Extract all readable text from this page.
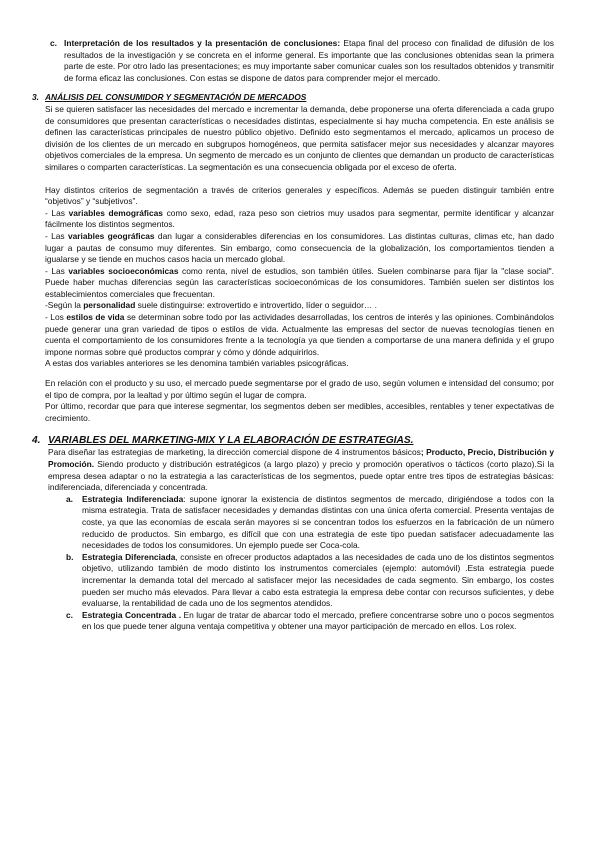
c. Interpretación de los resultados y la presentación de conclusiones: Etapa final del proceso con finalidad de difusión de los resultados de la investigación y se concreta en el informe general. Es importante que las conclusiones obtenidas sean la primera parte de este. Por otro lado las presentaciones; es muy importante saber comunicar cuales son los resultados obtenidos y transmitir de forma eficaz las conclusiones. Con estas se dispone de datos para comprender mejor el mercado.

3. ANÁLISIS DEL CONSUMIDOR Y SEGMENTACIÓN DE MERCADOS

Si se quieren satisfacer las necesidades del mercado e incrementar la demanda, debe proponerse una oferta diferenciada a cada grupo de consumidores que presentan características o necesidades distintas, especialmente si hay mucha competencia. En este análisis se definen las características principales de nuestro público objetivo. Definido esto segmentamos el mercado, aplicamos un proceso de división de los clientes de un mercado en subgrupos homogéneos, que permita satisfacer mejor sus necesidades y alcanzar mayores objetivos comerciales de la empresa. Un segmento de mercado es un conjunto de clientes que demandan un producto de características similares o comparten características. La segmentación es una consecuencia obligada por el exceso de oferta.

Hay distintos criterios de segmentación a través de criterios generales y específicos. Además se pueden distinguir también entre “objetivos” y “subjetivos”.

- Las variables demográficas como sexo, edad, raza peso son cietrios muy usados para segmentar, permite identificar y alcanzar fácilmente los distintos segmentos.

- Las variables geográficas dan lugar a considerables diferencias en los consumidores. Las distintas culturas, climas etc, han dado lugar a pautas de consumo muy diferentes. Sin embargo, como consecuencia de la globalización, los comportamientos tienden a igualarse y se tiende en muchos casos hacia un mercado global.

- Las variables socioeconómicas como renta, nivel de estudios, son también útiles. Suelen combinarse para fijar la "clase social". Puede haber muchas diferencias según las características socioeconómicas de los consumidores. También suelen ser distintos los establecimientos comerciales que frecuentan.

-Según la personalidad suele distinguirse: extrovertido e introvertido, líder o seguidor… .

- Los estilos de vida se determinan sobre todo por las actividades desarrolladas, los centros de interés y las opiniones. Combinándolos puede generar una gran variedad de tipos o estilos de vida. Actualmente las empresas del sector de nuevas tecnologías tienen en cuenta el comportamiento de los consumidores frente a la tecnología ya que tienden a comportarse de una manera definida y el grupo impone normas sobre qué productos comprar y cómo y dónde adquirirlos.

A estas dos variables anteriores se les denomina también variables psicográficas.

En relación con el producto y su uso, el mercado puede segmentarse por el grado de uso, según volumen e intensidad del consumo; por el tipo de compra, por la lealtad y por último según el lugar de compra.

Por último, recordar que para que interese segmentar, los segmentos deben ser medibles, accesibles, rentables y tener expectativas de crecimiento.

4. VARIABLES DEL MARKETING-MIX Y LA ELABORACIÓN DE ESTRATEGIAS.

Para diseñar las estrategias de marketing, la dirección comercial dispone de 4 instrumentos básicos; Producto, Precio, Distribución y Promoción. Siendo producto y distribución estratégicos (a largo plazo) y precio y promoción operativos o tácticos (corto plazo).Si la empresa desea adaptar o no la estrategia a las características de los segmentos, puede optar entre tres tipos de estrategias básicas: indiferenciada, diferenciada y concentrada.

a.	Estrategia Indiferenciada: supone ignorar la existencia de distintos segmentos de mercado, dirigiéndose a todos con la misma estrategia. Trata de satisfacer necesidades y demandas distintas con una única oferta comercial. Presenta ventajas de coste, ya que las economías de escala serán mayores si se concentran todos los esfuerzos en la fabricación de un número reducido de productos. Sin embargo, es difícil que con una estrategia de este tipo puedan satisfacer adecuadamente las necesidades de todos los consumidores. Un ejemplo puede ser Coca-cola.

b.	Estrategia Diferenciada, consiste en ofrecer productos adaptados a las necesidades de cada uno de los distintos segmentos objetivo, utilizando también de modo distinto los instrumentos comerciales (ejemplo: automóvil) .Esta estrategia puede incrementar la demanda total del mercado al satisfacer mejor las necesidades de cada segmento. Sin embargo, los costes pueden ser mucho más elevados. Para llevar a cabo esta estrategia la empresa debe contar con recursos suficientes, y debe evaluarse, la rentabilidad de cada uno de los segmentos atendidos.

c.	Estrategia Concentrada . En lugar de tratar de abarcar todo el mercado, prefiere concentrarse sobre uno o pocos segmentos en los que puede tener alguna ventaja competitiva y obtener una mayor participación de mercado en ellos. Los rolex.
